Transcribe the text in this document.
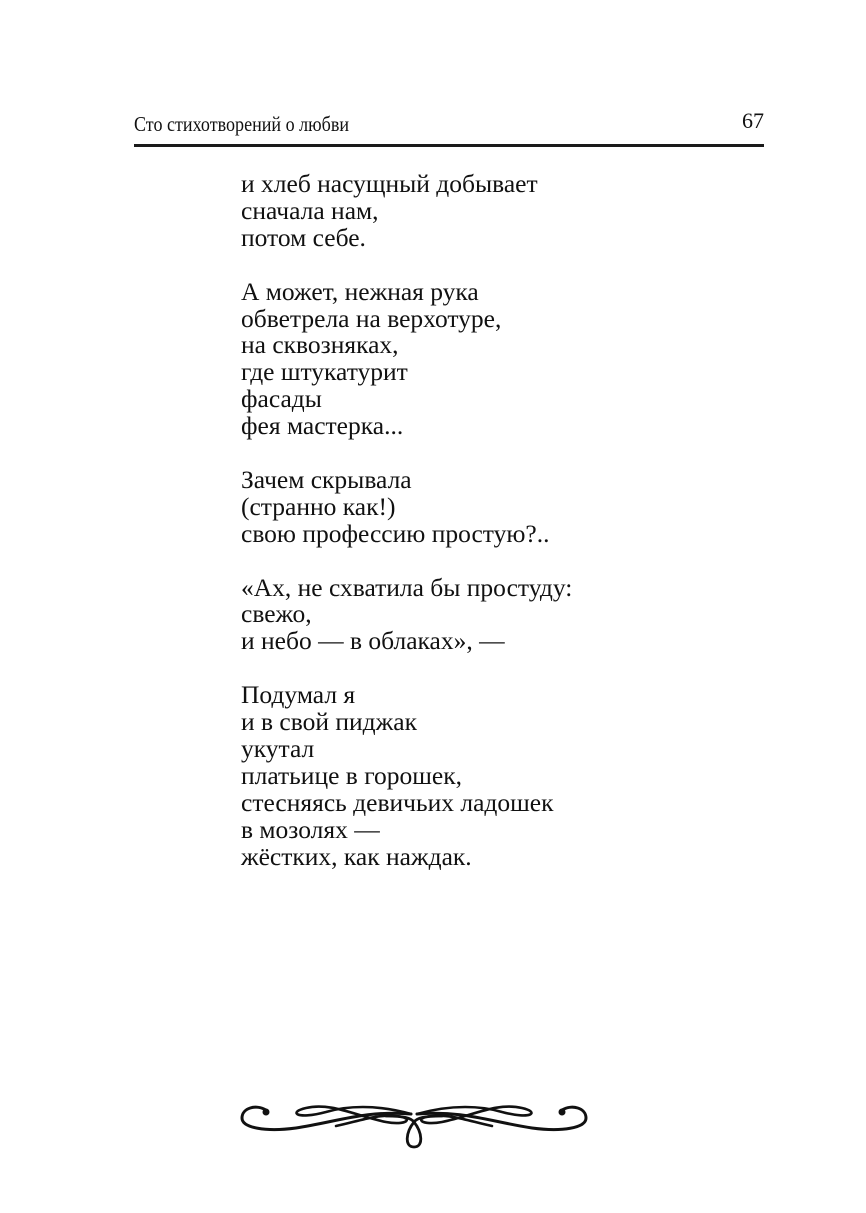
Сто стихотворений о любви	67
и хлеб насущный добывает
сначала нам,
потом себе.
А может, нежная рука
обветрела на верхотуре,
на сквозняках,
где штукатурит
фасады
фея мастерка...
Зачем скрывала
(странно как!)
свою профессию простую?..
«Ах, не схватила бы простуду:
свежо,
и небо — в облаках», —
Подумал я
и в свой пиджак
укутал
платьице в горошек,
стесняясь девичьих ладошек
в мозолях —
жёстких, как наждак.
